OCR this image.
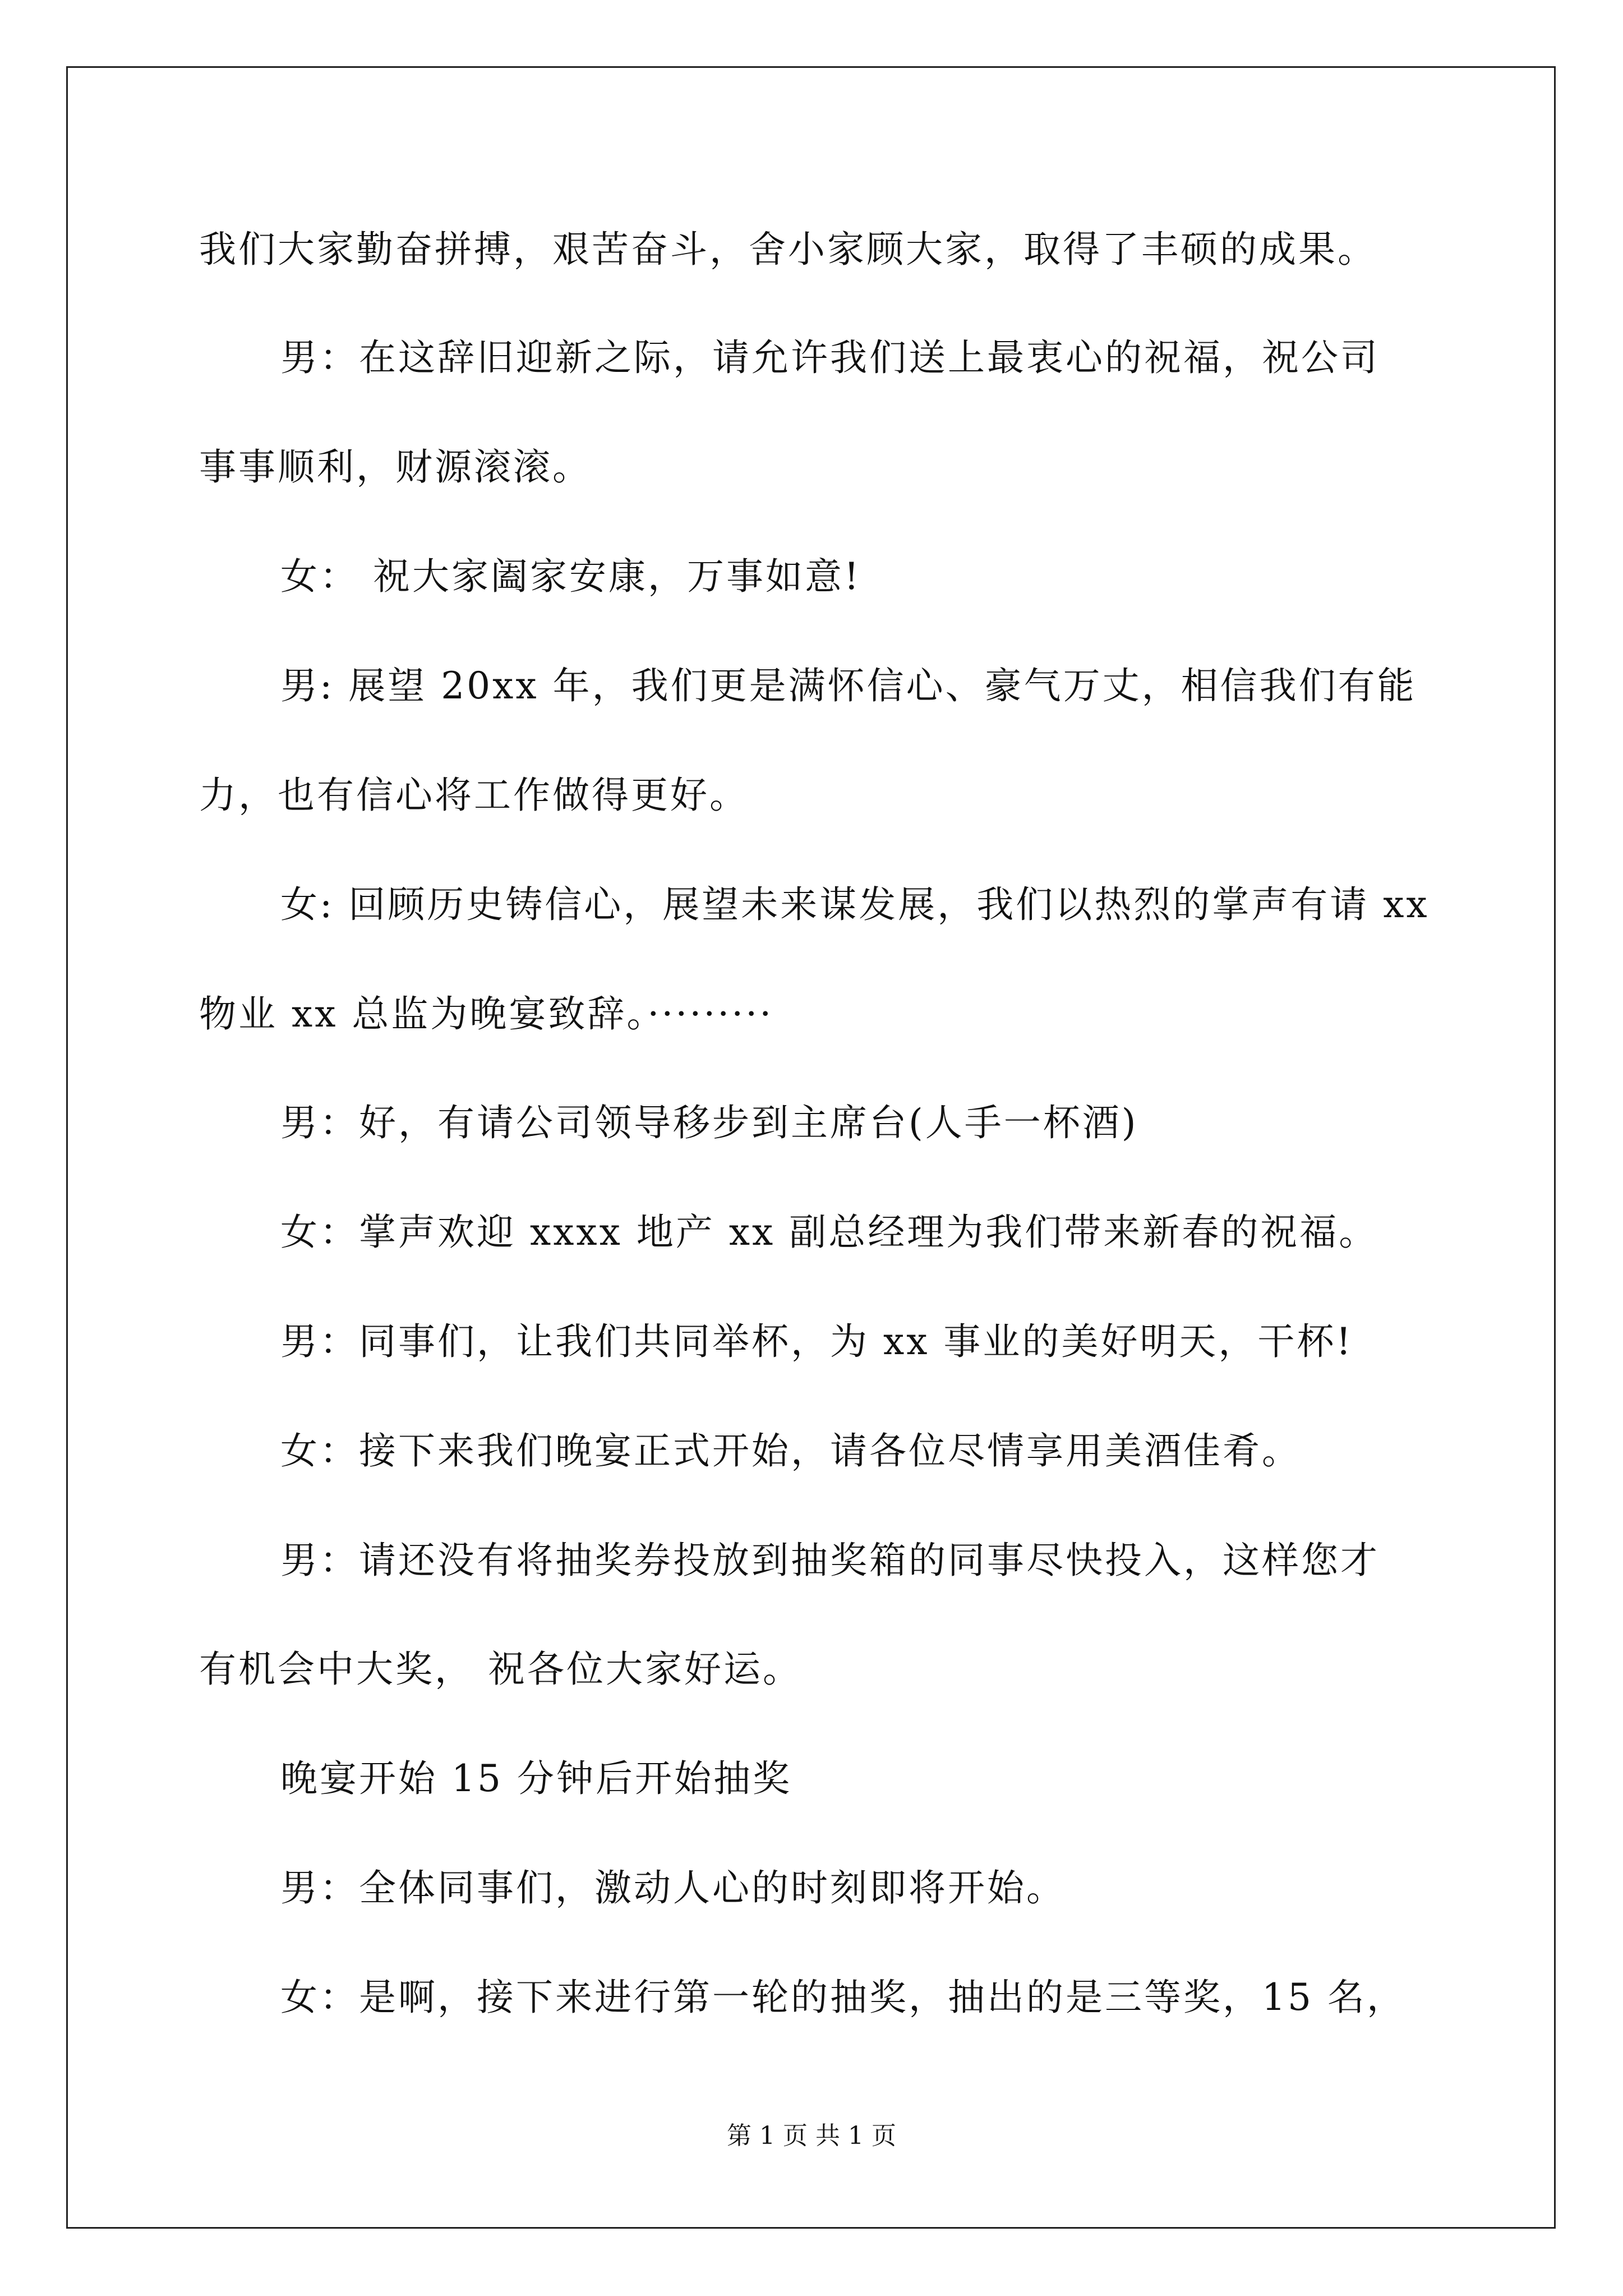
我们大家勤奋拼搏，艰苦奋斗，舍小家顾大家，取得了丰硕的成果。
男：在这辞旧迎新之际，请允许我们送上最衷心的祝福，祝公司
事事顺利，财源滚滚。
女： 祝大家阖家安康，万事如意!
男: 展望 20xx 年，我们更是满怀信心、豪气万丈，相信我们有能
力，也有信心将工作做得更好。
女: 回顾历史铸信心，展望未来谋发展，我们以热烈的掌声有请 xx
物业 xx 总监为晚宴致辞。·········
男：好，有请公司领导移步到主席台(人手一杯酒)
女：掌声欢迎 xxxx 地产 xx 副总经理为我们带来新春的祝福。
男：同事们，让我们共同举杯，为 xx 事业的美好明天，干杯!
女：接下来我们晚宴正式开始，请各位尽情享用美酒佳肴。
男：请还没有将抽奖券投放到抽奖箱的同事尽快投入，这样您才
有机会中大奖， 祝各位大家好运。
晚宴开始 15 分钟后开始抽奖
男：全体同事们，激动人心的时刻即将开始。
女：是啊，接下来进行第一轮的抽奖，抽出的是三等奖，15 名，
第 1 页 共 1 页
